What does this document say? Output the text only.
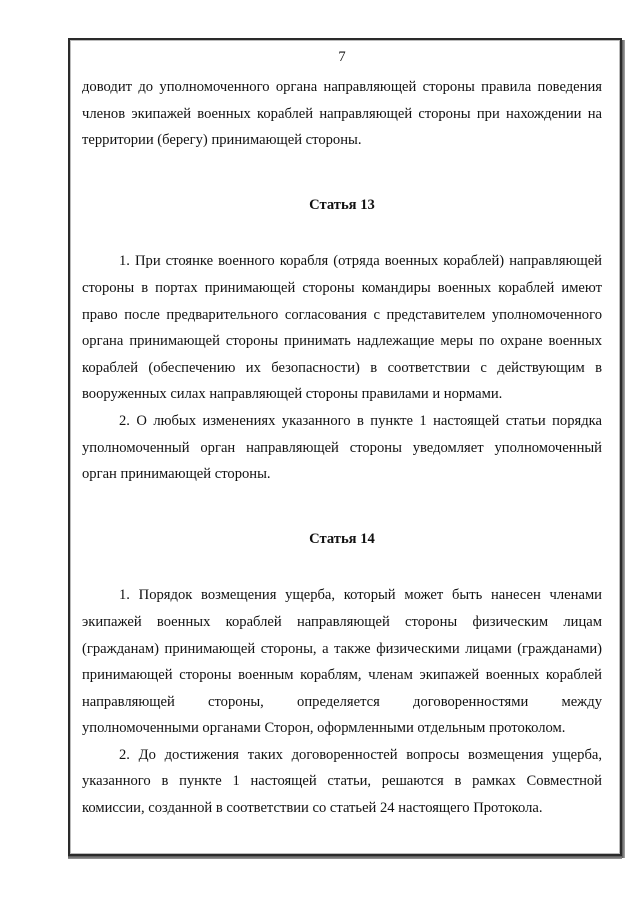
7

доводит до уполномоченного органа направляющей стороны правила поведения членов экипажей военных кораблей направляющей стороны при нахождении на территории (берегу) принимающей стороны.

Статья 13

1. При стоянке военного корабля (отряда военных кораблей) направляющей стороны в портах принимающей стороны командиры военных кораблей имеют право после предварительного согласования с представителем уполномоченного органа принимающей стороны принимать надлежащие меры по охране военных кораблей (обеспечению их безопасности) в соответствии с действующим в вооруженных силах направляющей стороны правилами и нормами.

2. О любых изменениях указанного в пункте 1 настоящей статьи порядка уполномоченный орган направляющей стороны уведомляет уполномоченный орган принимающей стороны.

Статья 14

1. Порядок возмещения ущерба, который может быть нанесен членами экипажей военных кораблей направляющей стороны физическим лицам (гражданам) принимающей стороны, а также физическими лицами (гражданами) принимающей стороны военным кораблям, членам экипажей военных кораблей направляющей стороны, определяется договоренностями между уполномоченными органами Сторон, оформленными отдельным протоколом.

2. До достижения таких договоренностей вопросы возмещения ущерба, указанного в пункте 1 настоящей статьи, решаются в рамках Совместной комиссии, созданной в соответствии со статьей 24 настоящего Протокола.
